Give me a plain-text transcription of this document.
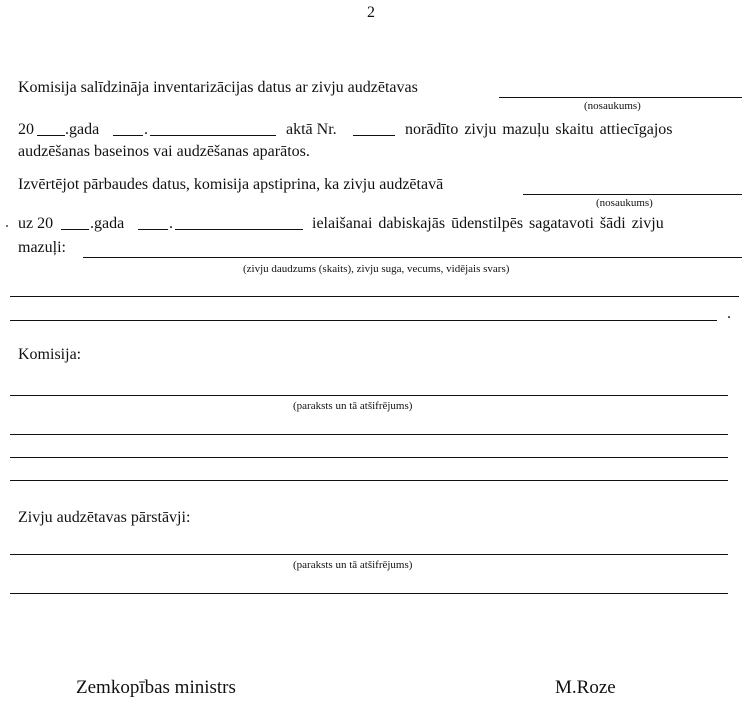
2
Komisija salīdzināja inventarizācijas datus ar zivju audzētavas
(nosaukums)
20 .gada	.	aktā Nr.	norādīto zivju mazuļu skaitu attiecīgajos
audzēšanas baseinos vai audzēšanas aparātos.
Izvērtējot pārbaudes datus, komisija apstiprina, ka zivju audzētavā
(nosaukums)
uz 20 .gada	.	ielaišanai dabiskajās ūdenstilpēs sagatavoti šādi zivju
mazuļi:
(zivju daudzums (skaits), zivju suga, vecums, vidējais svars)
.
Komisija:
(paraksts un tā atšifrējums)
Zivju audzētavas pārstāvji:
(paraksts un tā atšifrējums)
Zemkopības ministrs	M.Roze
